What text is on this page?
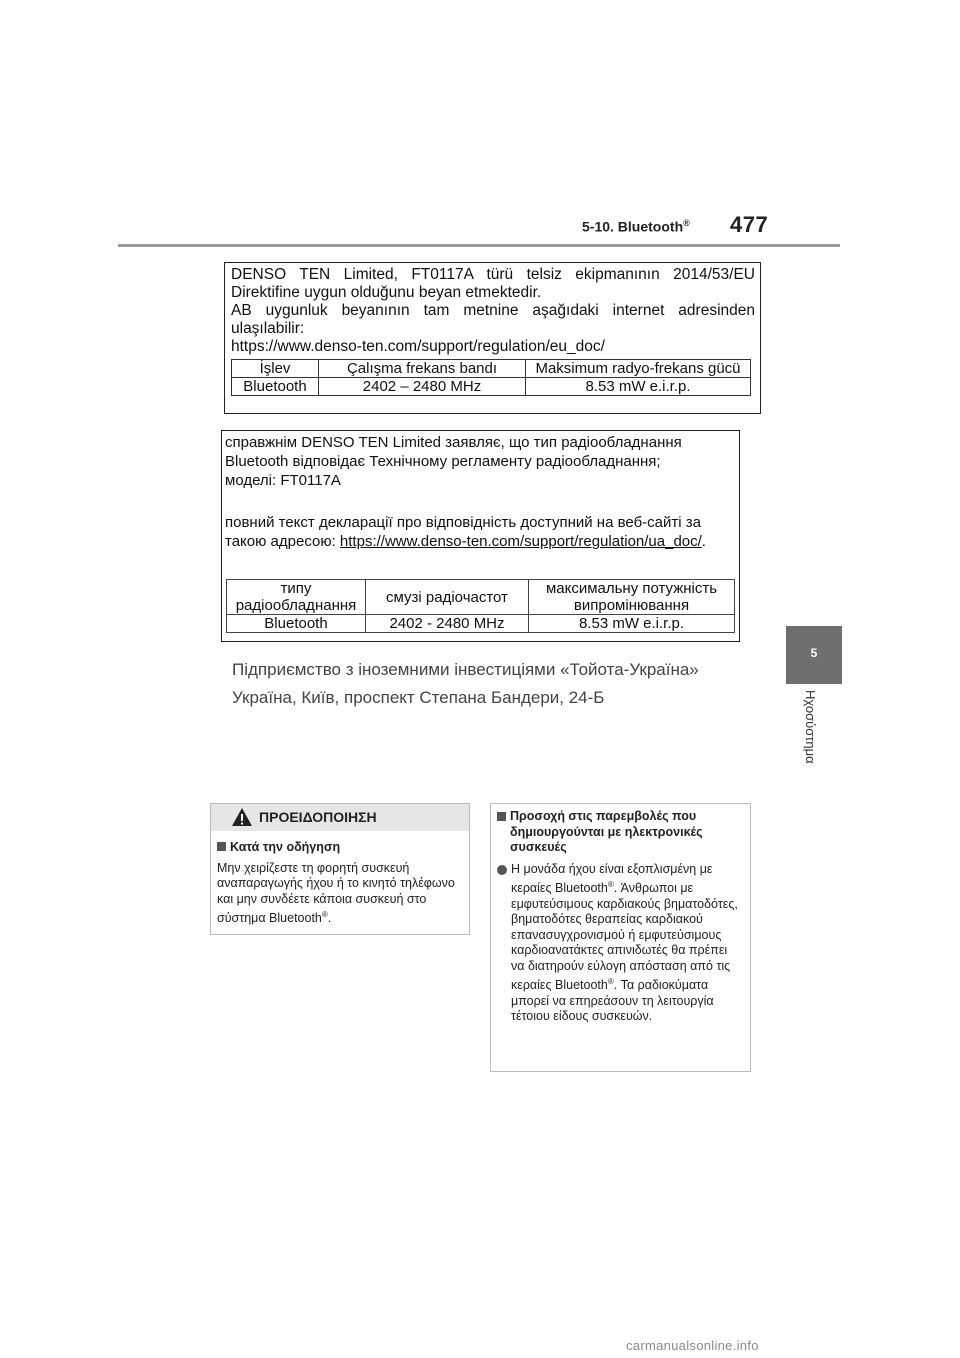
5-10. Bluetooth® 477
5
Ηχοσύστημα
DENSO TEN Limited, FT0117A türü telsiz ekipmanının 2014/53/EU
Direktifine uygun olduğunu beyan etmektedir.
AB uygunluk beyanının tam metnine aşağıdaki internet adresinden
ulaşılabilir:
https://www.denso-ten.com/support/regulation/eu_doc/
İşlev	Çalışma frekans bandı	Maksimum radyo-frekans gücü
Bluetooth	2402 – 2480 MHz	8.53 mW e.i.r.p.
справжнім DENSO TEN Limited заявляє, що тип радіообладнання
Bluetooth відповідає Технічному регламенту радіообладнання;
моделі: FT0117A
повний текст декларації про відповідність доступний на веб-сайті за
такою адресою: https://www.denso-ten.com/support/regulation/ua_doc/.
типу радіообладнання	смузі радіочастот	максимальну потужність випромінювання
Bluetooth	2402 - 2480 MHz	8.53 mW e.i.r.p.
Підприємство з іноземними інвестиціями «Тойота-Україна»
Україна, Київ, проспект Степана Бандери, 24-Б
ΠΡΟΕΙΔΟΠΟΙΗΣΗ
Κατά την οδήγηση
Μην χειρίζεστε τη φορητή συσκευή αναπαραγωγής ήχου ή το κινητό τηλέφωνο και μην συνδέετε κάποια συσκευή στο σύστημα Bluetooth®.
Προσοχή στις παρεμβολές που δημιουργούνται με ηλεκτρονικές συσκευές
Η μονάδα ήχου είναι εξοπλισμένη με κεραίες Bluetooth®. Άνθρωποι με εμφυτεύσιμους καρδιακούς βηματοδότες, βηματοδότες θεραπείας καρδιακού επανασυγχρονισμού ή εμφυτεύσιμους καρδιοανατάκτες απινιδωτές θα πρέπει να διατηρούν εύλογη απόσταση από τις κεραίες Bluetooth®. Τα ραδιοκύματα μπορεί να επηρεάσουν τη λειτουργία τέτοιου είδους συσκευών.
carmanualsonline.info
